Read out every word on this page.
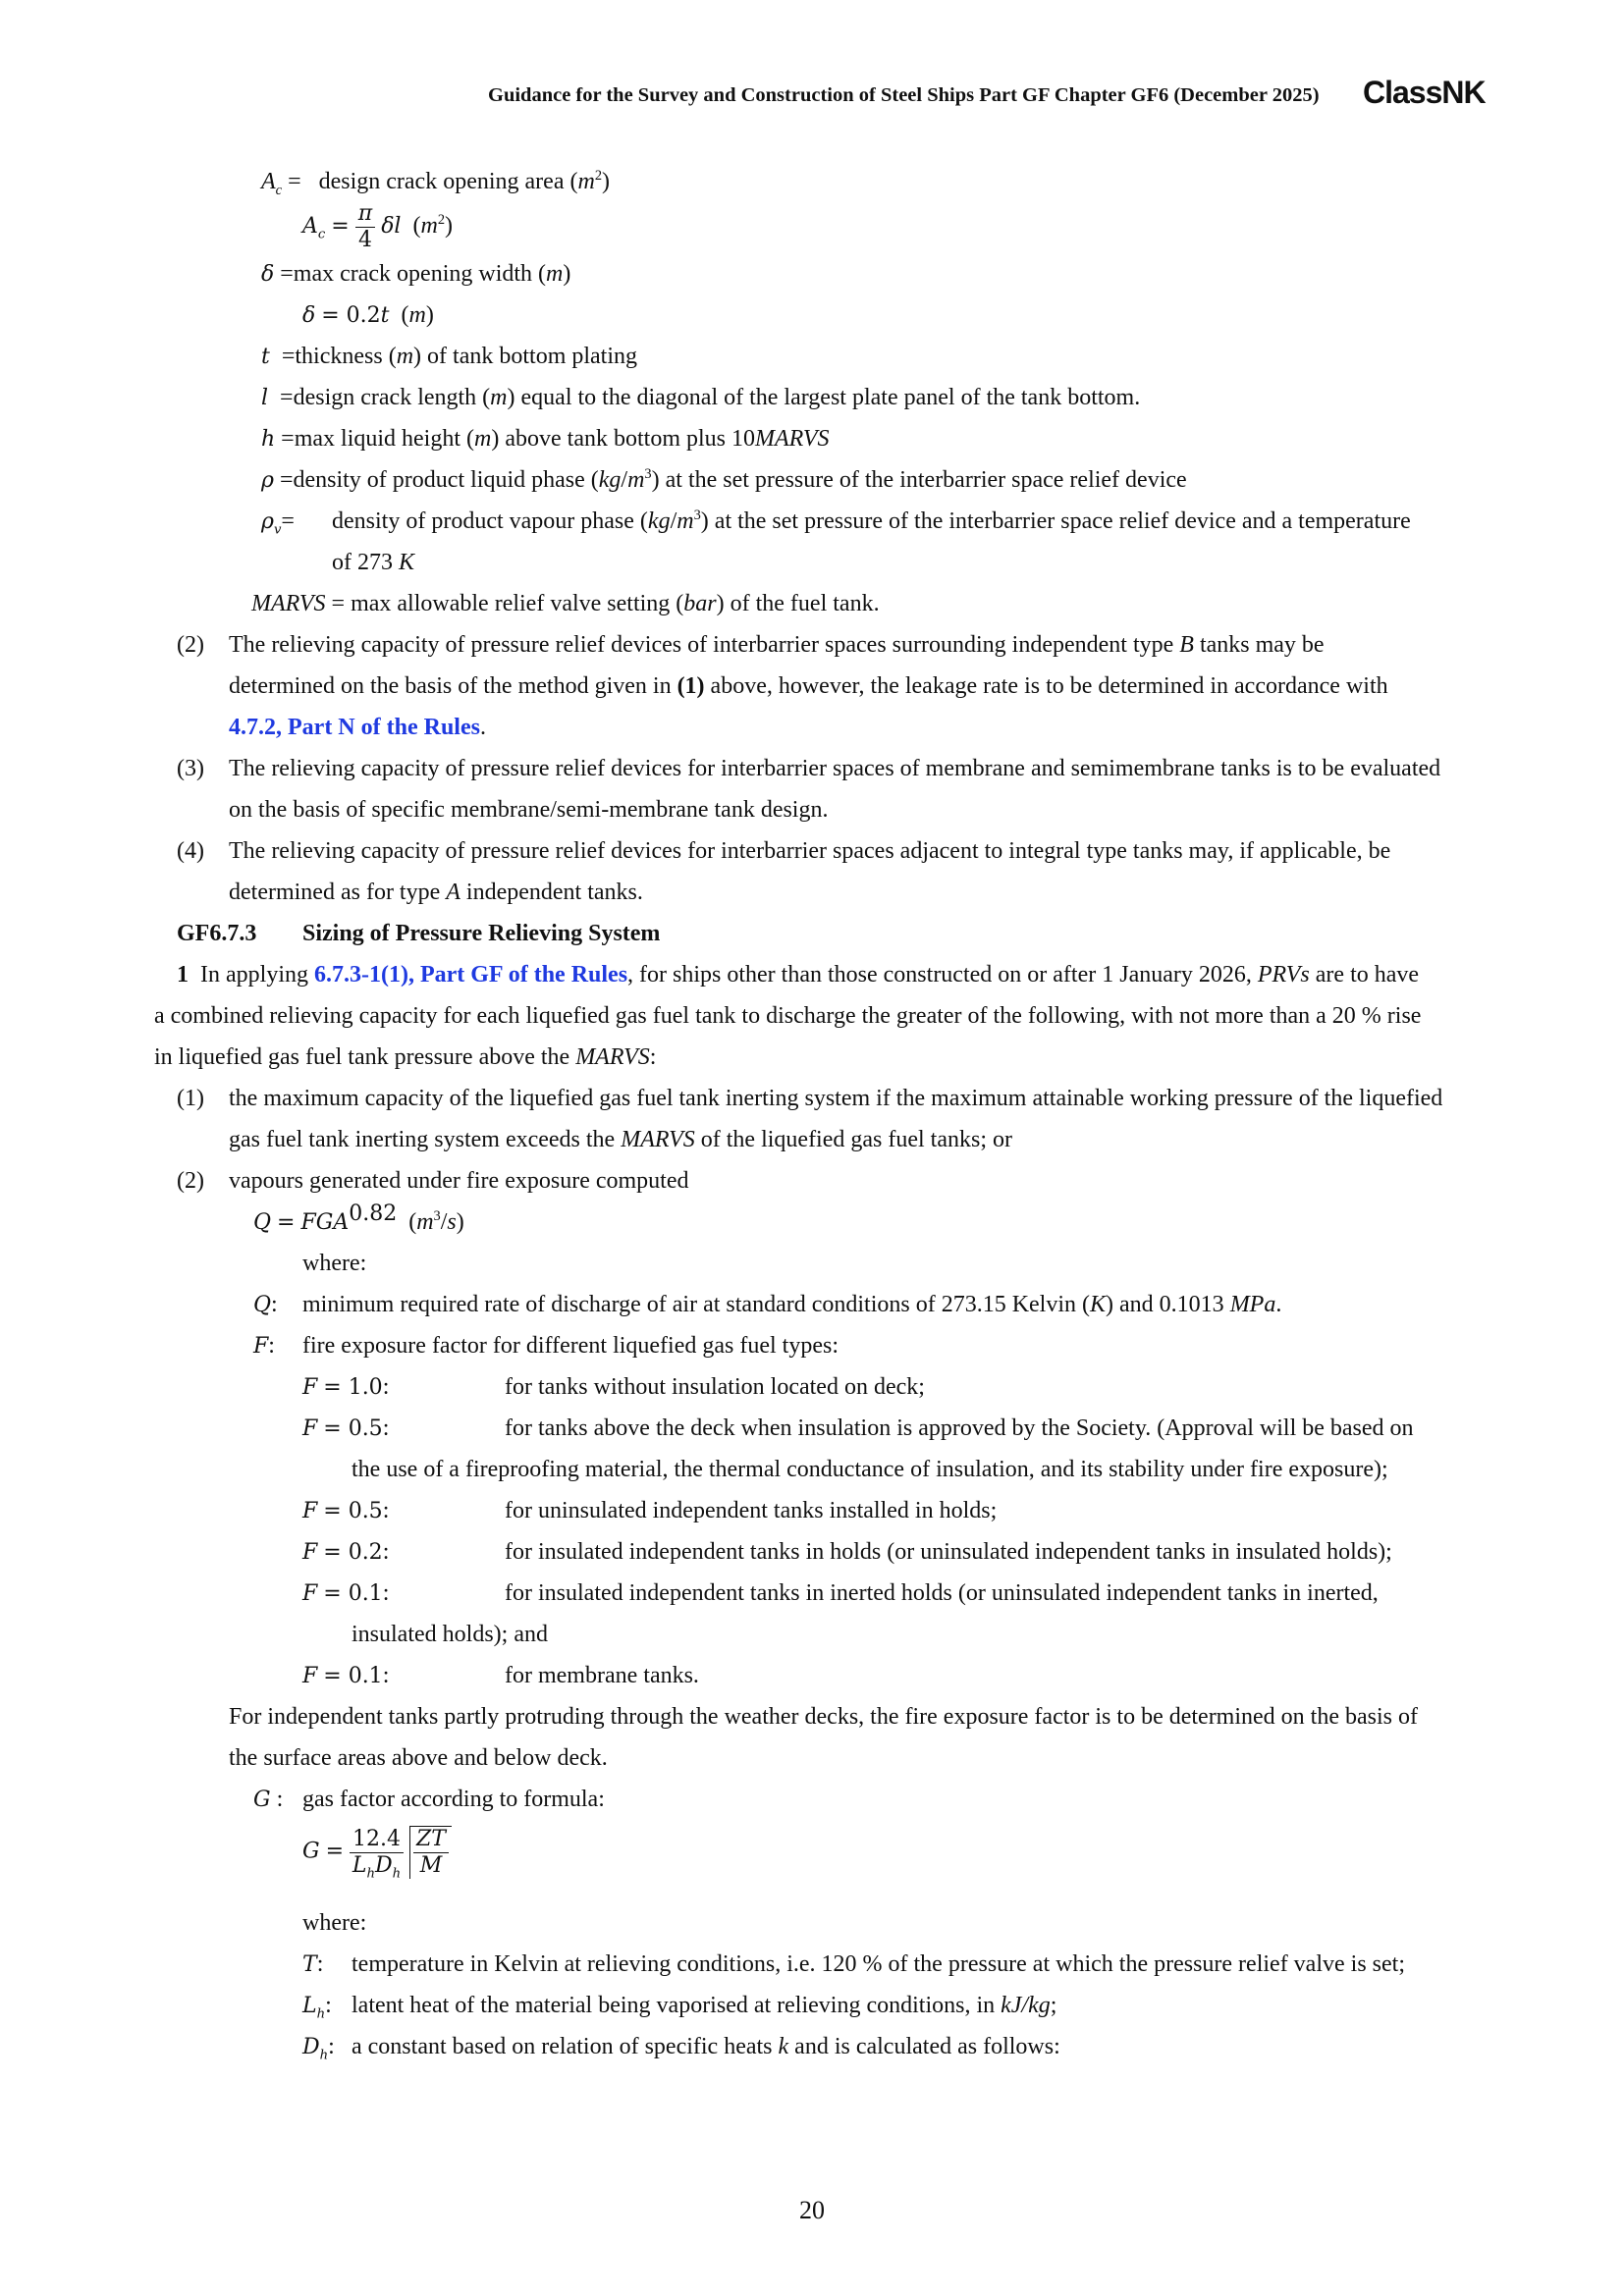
Guidance for the Survey and Construction of Steel Ships Part GF Chapter GF6 (December 2025) ClassNK
$A_c$ =   design crack opening area $(m^2)$
$A_c = \frac{\pi}{4}$ δl  $(m^2)$
δ =max crack opening width (m)
δ = 0.2t  (m)
t  =thickness (m) of tank bottom plating
l  =design crack length (m) equal to the diagonal of the largest plate panel of the tank bottom.
h =max liquid height (m) above tank bottom plus 10MARVS
ρ =density of product liquid phase $(kg/m^3)$ at the set pressure of the interbarrier space relief device
$\rho_v=$ density of product vapour phase $(kg/m^3)$ at the set pressure of the interbarrier space relief device and a temperature
of 273 K
MARVS = max allowable relief valve setting (bar) of the fuel tank.
(2) The relieving capacity of pressure relief devices of interbarrier spaces surrounding independent type B tanks may be
determined on the basis of the method given in (1) above, however, the leakage rate is to be determined in accordance with
4.7.2, Part N of the Rules.
(3) The relieving capacity of pressure relief devices for interbarrier spaces of membrane and semimembrane tanks is to be evaluated
on the basis of specific membrane/semi-membrane tank design.
(4) The relieving capacity of pressure relief devices for interbarrier spaces adjacent to integral type tanks may, if applicable, be
determined as for type A independent tanks.
GF6.7.3 Sizing of Pressure Relieving System
1 In applying 6.7.3-1(1), Part GF of the Rules, for ships other than those constructed on or after 1 January 2026, PRVs are to have
a combined relieving capacity for each liquefied gas fuel tank to discharge the greater of the following, with not more than a 20 % rise
in liquefied gas fuel tank pressure above the MARVS:
(1) the maximum capacity of the liquefied gas fuel tank inerting system if the maximum attainable working pressure of the liquefied
gas fuel tank inerting system exceeds the MARVS of the liquefied gas fuel tanks; or
(2) vapours generated under fire exposure computed
$Q = FGA^{0.82}$  $(m^3/s)$
where:
Q: minimum required rate of discharge of air at standard conditions of 273.15 Kelvin (K) and 0.1013 MPa.
F: fire exposure factor for different liquefied gas fuel types:
F = 1.0:	for tanks without insulation located on deck;
F = 0.5:	for tanks above the deck when insulation is approved by the Society. (Approval will be based on
the use of a fireproofing material, the thermal conductance of insulation, and its stability under fire exposure);
F = 0.5:	for uninsulated independent tanks installed in holds;
F = 0.2:	for insulated independent tanks in holds (or uninsulated independent tanks in insulated holds);
F = 0.1:	for insulated independent tanks in inerted holds (or uninsulated independent tanks in inerted,
insulated holds); and
F = 0.1:	for membrane tanks.
For independent tanks partly protruding through the weather decks, the fire exposure factor is to be determined on the basis of
the surface areas above and below deck.
G : gas factor according to formula:
$G = \frac{12.4}{L_hD_h} \frac{ZT}{M}$
where:
T: temperature in Kelvin at relieving conditions, i.e. 120 % of the pressure at which the pressure relief valve is set;
$L_h$: latent heat of the material being vaporised at relieving conditions, in kJ/kg;
$D_h$: a constant based on relation of specific heats k and is calculated as follows:
20
